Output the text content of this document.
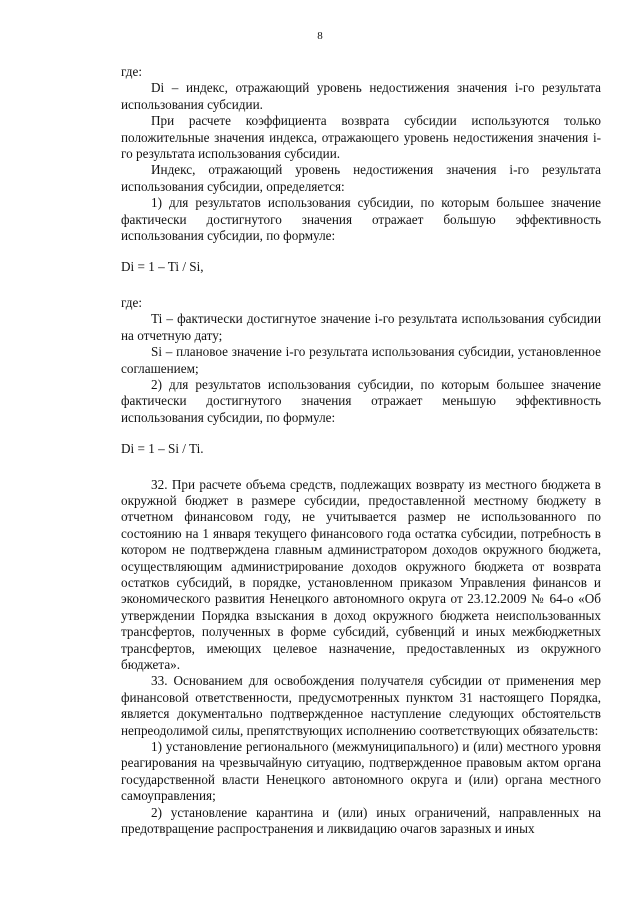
8

где:

Di – индекс, отражающий уровень недостижения значения i-го результата использования субсидии.

При расчете коэффициента возврата субсидии используются только положительные значения индекса, отражающего уровень недостижения значения i-го результата использования субсидии.

Индекс, отражающий уровень недостижения значения i-го результата использования субсидии, определяется:

1) для результатов использования субсидии, по которым большее значение фактически достигнутого значения отражает большую эффективность использования субсидии, по формуле:

Di = 1 – Ti / Si,

где:

Ti – фактически достигнутое значение i-го результата использования субсидии на отчетную дату;

Si – плановое значение i-го результата использования субсидии, установленное соглашением;

2) для результатов использования субсидии, по которым большее значение фактически достигнутого значения отражает меньшую эффективность использования субсидии, по формуле:

Di = 1 – Si / Ti.

32. При расчете объема средств, подлежащих возврату из местного бюджета в окружной бюджет в размере субсидии, предоставленной местному бюджету в отчетном финансовом году, не учитывается размер не использованного по состоянию на 1 января текущего финансового года остатка субсидии, потребность в котором не подтверждена главным администратором доходов окружного бюджета, осуществляющим администрирование доходов окружного бюджета от возврата остатков субсидий, в порядке, установленном приказом Управления финансов и экономического развития Ненецкого автономного округа от 23.12.2009 № 64-о «Об утверждении Порядка взыскания в доход окружного бюджета неиспользованных трансфертов, полученных в форме субсидий, субвенций и иных межбюджетных трансфертов, имеющих целевое назначение, предоставленных из окружного бюджета».

33. Основанием для освобождения получателя субсидии от применения мер финансовой ответственности, предусмотренных пунктом 31 настоящего Порядка, является документально подтвержденное наступление следующих обстоятельств непреодолимой силы, препятствующих исполнению соответствующих обязательств:

1) установление регионального (межмуниципального) и (или) местного уровня реагирования на чрезвычайную ситуацию, подтвержденное правовым актом органа государственной власти Ненецкого автономного округа и (или) органа местного самоуправления;

2) установление карантина и (или) иных ограничений, направленных на предотвращение распространения и ликвидацию очагов заразных и иных
